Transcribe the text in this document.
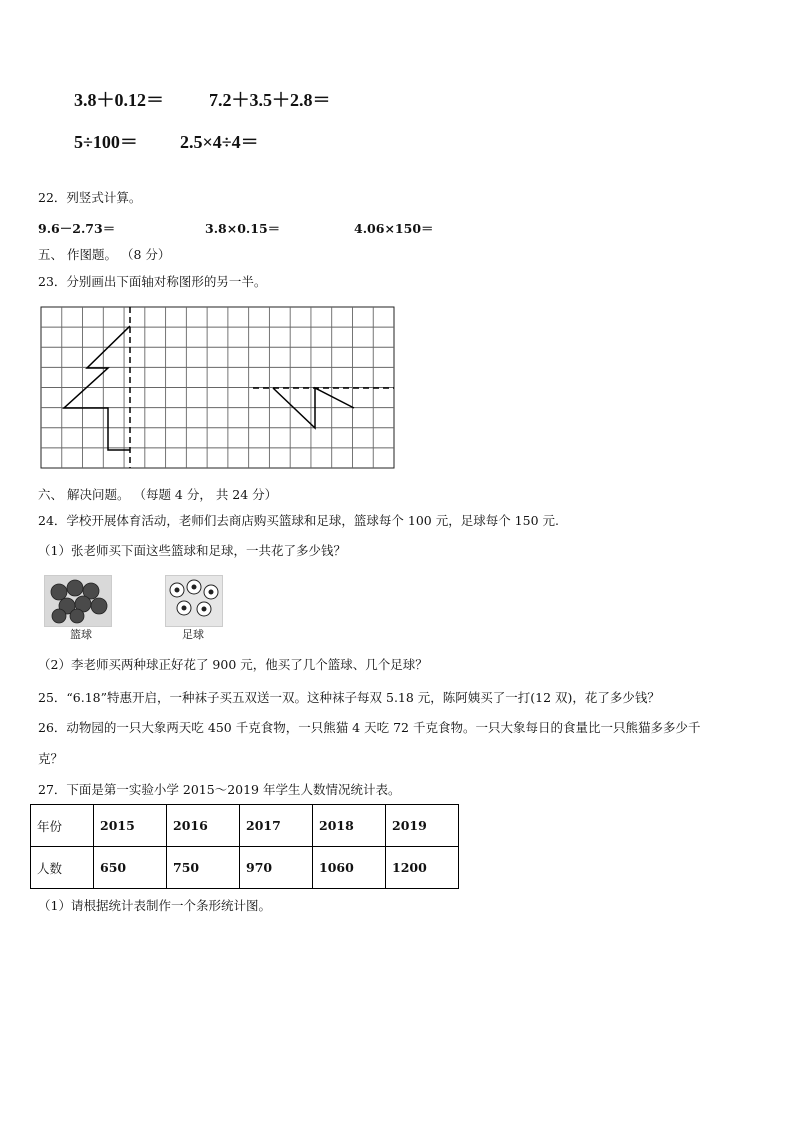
3.8＋0.12＝	7.2＋3.5＋2.8＝
5÷100＝ 2.5×4÷4＝
22．列竖式计算。
9.6－2.73＝	3.8×0.15＝	4.06×150＝
五、 作图题。 （8 分）
23．分别画出下面轴对称图形的另一半。
六、 解决问题。 （每题 4 分， 共 24 分）
24．学校开展体育活动，老师们去商店购买篮球和足球，篮球每个 100 元，足球每个 150 元.
（1）张老师买下面这些篮球和足球，一共花了多少钱？
篮球	足球
（2）李老师买两种球正好花了 900 元，他买了几个篮球、几个足球？
25．“6.18”特惠开启，一种袜子买五双送一双。这种袜子每双 5.18 元，陈阿姨买了一打(12 双)，花了多少钱？
26．动物园的一只大象两天吃 450 千克食物，一只熊猫 4 天吃 72 千克食物。一只大象每日的食量比一只熊猫多多少千
克？
27．下面是第一实验小学 2015～2019 年学生人数情况统计表。
年份	2015	2016	2017	2018	2019
人数	650	750	970	1060	1200
（1）请根据统计表制作一个条形统计图。
